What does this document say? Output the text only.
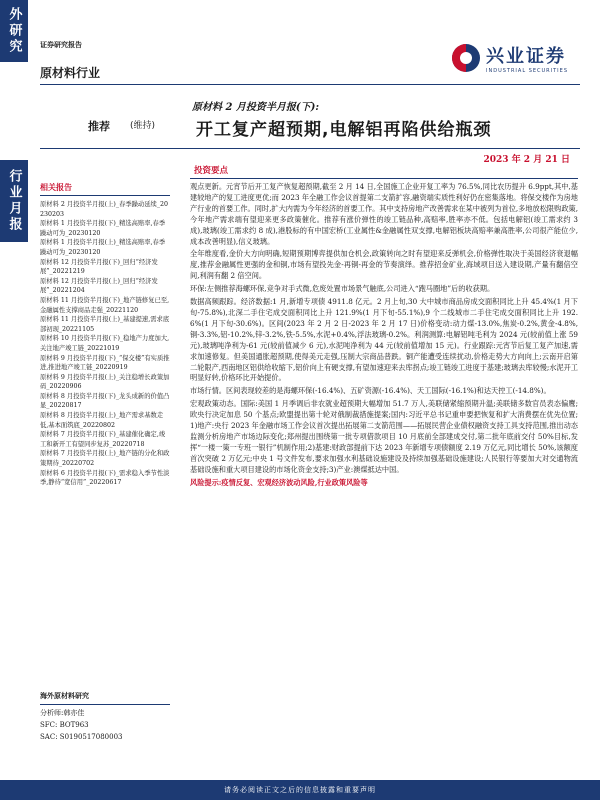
外研究
行业月报
证券研究报告
原材料行业
兴业证券
INDUSTRIAL SECURITIES
推荐 (维持)
原材料 2 月投资半月报(下):
开工复产超预期,电解铝再陷供给瓶颈
2023 年 2 月 21 日
相关报告
原材料 2 月投资半月报(上)_春季躁动延续_20230203
原材料 1 月投资半月报(下)_精选高赔率,春季躁动可为_20230120
原材料 1 月投资半月报(上)_精选高赔率,春季躁动可为_20230120
原材料 12 月投资半月报(下)_回归“经济发展”_20221219
原材料 12 月投资半月报(上)_回归“经济发展”_20221204
原材料 11 月投资半月报(下)_地产链修复已至,金融属性支撑商品走强_20221120
原材料 11 月投资半月报(上)_基建提速,需求底部初现_20221105
原材料 10 月投资半月报(下)_稳地产力度加大,关注地产竣工链_20221019
原材料 9 月投资半月报(下)_“保交楼”有实质推进,推进地产竣工链_20220919
原材料 9 月投资半月报(上)_关注稳增长政策加码_20220906
原材料 8 月投资半月报(下)_龙头成新的价值凸显_20220817
原材料 8 月投资半月报(上)_地产需求基数走低,基本面筑底_20220802
原材料 7 月投资半月报(下)_基建催化确定,竣工和新开工有望同步复苏_20220718
原材料 7 月投资半月报(上)_地产链的分化和政策期待_20220702
原材料 6 月投资半月报(下)_需求稳入季节性淡季,静待“宽信用”_20220617
海外原材料研究
分析师:韩亦佳
SFC: BOT963
SAC: S0190517080003
投资要点

观点更新。元宵节后开工复产恢复超预期,截至 2 月 14 日,全国施工企业开复工率为 76.5%,同比农历提升 6.9ppt,其中,基建较地产的复工进度更优;而 2023 年全融工作会议首提第二支箭扩容,融资端实质性利好仍在密集落地。将保交楼作为房地产行业的首要工作。同时,扩大内需为今年经济的首要工作。其中支持房地产改善需求在某中被列为首位,多地放松限购政策,今年地产需求端有望迎来更多政策催化。推荐有涨价弹性的竣工链品种,高赔率,胜率亦不低。包括电解铝(竣工需求约 3 成),玻璃(竣工需求约 8 成),港股标的有中国宏桥(工业属性&金融属性双支撑,电解铝板块高赔率兼高胜率,公司很产能位少,成本改善明显),信义玻璃。

全年维度看,金价大方向明确,短期预期博弈提供加仓机会,政策转向之时有望迎来反弹机会,价格弹性取决于美国经济衰退幅度,推荐金融属性更强的金和铜,市场有望投先金-再铜-再金的节奏演绎。推荐招金矿业,海域项目送入建设期,产量有翻倍空间,利润有翻 2 倍空间。

环保:左侧推荐海螺环保,竞争对手式微,危废处置市场景气触底,公司进入“跑马圈地”后的收获期。

数据高频跟踪。经济数据:1 月,新增专项债 4911.8 亿元。2 月上旬,30 大中城市商品房成交面积同比上升 45.4%(1 月下旬-75.8%),北深二手住宅成交面积同比上升 121.9%(1 月下旬-55.1%),9 个二线城市二手住宅成交面积同比上升 192.6%(1 月下旬-30.6%)。区间(2023 年 2 月 2 日-2023 年 2 月 17 日)价格变动:动力煤-13.0%,焦炭-0.2%,黄金-4.8%,铜-3.3%,铝-10.2%,锌-3.2%,铁-5.5%,水泥+0.4%,浮法玻璃-0.2%。利润测算:电解铝吨毛利为 2024 元(较前值上涨 59 元),玻璃吨净利为-61 元(较前值减少 6 元),水泥吨净利为 44 元(较前值增加 15 元)。行业跟踪:元宵节后复工复产加速,需求加速修复。但美国通胀超预期,使得美元走强,压制大宗商品普跌。铜产能遭受连续扰动,价格走势大方向向上;云南开启第二轮限产,西南地区铝供给收缩下,铝价向上有硬支撑,有望加速迎来去库拐点;竣工链竣工进度于基建;玻璃去库较慢;水泥开工明显好转,价格环比开始提价。

市场行情。区间表现较差的是海螺环保(-16.4%)、五矿资源(-16.4%)、天工国际(-16.1%)和达天控工(-14.8%)。

宏观政策动态。国际:美国 1 月季调后非农就业超预期大幅增加 51.7 万人,美联储紧缩预期升温;美联储多数官员表态偏鹰;欧央行决定加息 50 个基点;欧盟提出第十轮对俄制裁措施提案;国内:习近平总书记重申要把恢复和扩大消费摆在优先位置;1)地产:央行 2023 年金融市场工作会议首次提出拓展第二支箭范围——拓展民营企业债权融资支持工具支持范围,推出动态监测分析房地产市场边际变化;郑州提出围绕第一批专项借款项目 10 月底前全部建成交付,第二批年底前交付 50%目标,发挥“一楼一策一专班一银行”机制作用;2)基建:财政部提前下达 2023 年新增专项债额度 2.19 万亿元,同比增长 50%,该额度首次突破 2 万亿元;中央 1 号文件发布,要求加强水利基础设施建设及持续加强基础设施建设;人民银行等要加大对交通物流基础设施和重大项目建设的市场化资金支持;3)产业:澳煤抵达中国。

风险提示:疫情反复、宏观经济波动风险,行业政策风险等

请务必阅读正文之后的信息披露和重要声明
